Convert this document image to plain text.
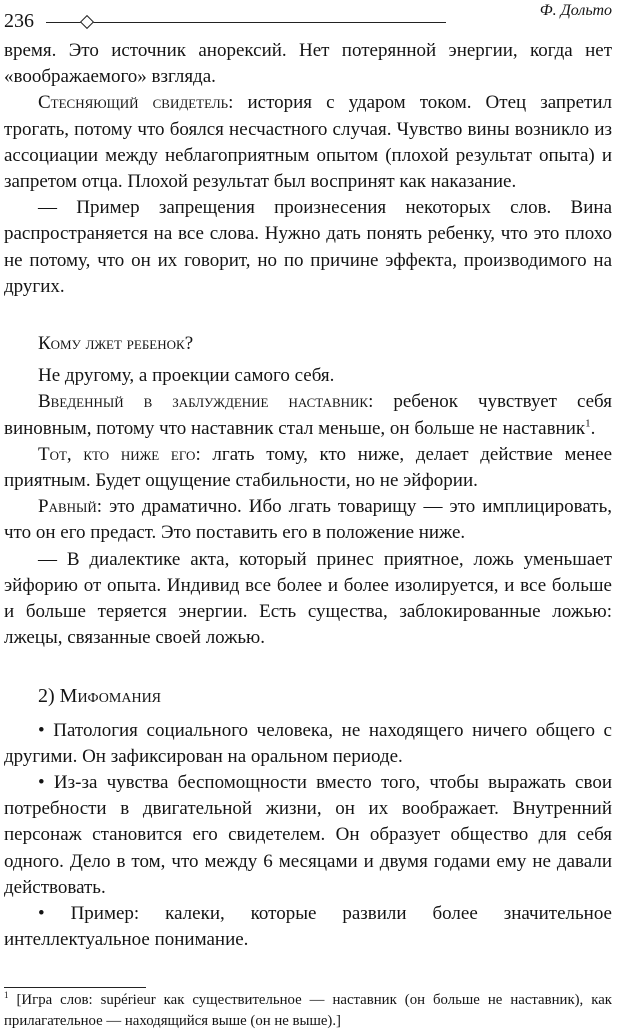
236	Ф. Дольто

время. Это источник анорексий. Нет потерянной энергии, когда нет «воображаемого» взгляда.

Стесняющий свидетель: история с ударом током. Отец запретил трогать, потому что боялся несчастного случая. Чувство вины возникло из ассоциации между неблагоприятным опытом (плохой результат опыта) и запретом отца. Плохой результат был воспринят как наказание.

— Пример запрещения произнесения некоторых слов. Вина распространяется на все слова. Нужно дать понять ребенку, что это плохо не потому, что он их говорит, но по причине эффекта, производимого на других.

Кому лжет ребенок?

Не другому, а проекции самого себя.

Введенный в заблуждение наставник: ребенок чувствует себя виновным, потому что наставник стал меньше, он больше не наставник$^1$.

Тот, кто ниже его: лгать тому, кто ниже, делает действие менее приятным. Будет ощущение стабильности, но не эйфории.

Равный: это драматично. Ибо лгать товарищу — это имплицировать, что он его предаст. Это поставить его в положение ниже.

— В диалектике акта, который принес приятное, ложь уменьшает эйфорию от опыта. Индивид все более и более изолируется, и все больше и больше теряется энергии. Есть существа, заблокированные ложью: лжецы, связанные своей ложью.

2) Мифомания

• Патология социального человека, не находящего ничего общего с другими. Он зафиксирован на оральном периоде.

• Из-за чувства беспомощности вместо того, чтобы выражать свои потребности в двигательной жизни, он их воображает. Внутренний персонаж становится его свидетелем. Он образует общество для себя одного. Дело в том, что между 6 месяцами и двумя годами ему не давали действовать.

• Пример: калеки, которые развили более значительное интеллектуальное понимание.

$^1$ [Игра слов: supérieur как существительное — наставник (он больше не наставник), как прилагательное — находящийся выше (он не выше).]
